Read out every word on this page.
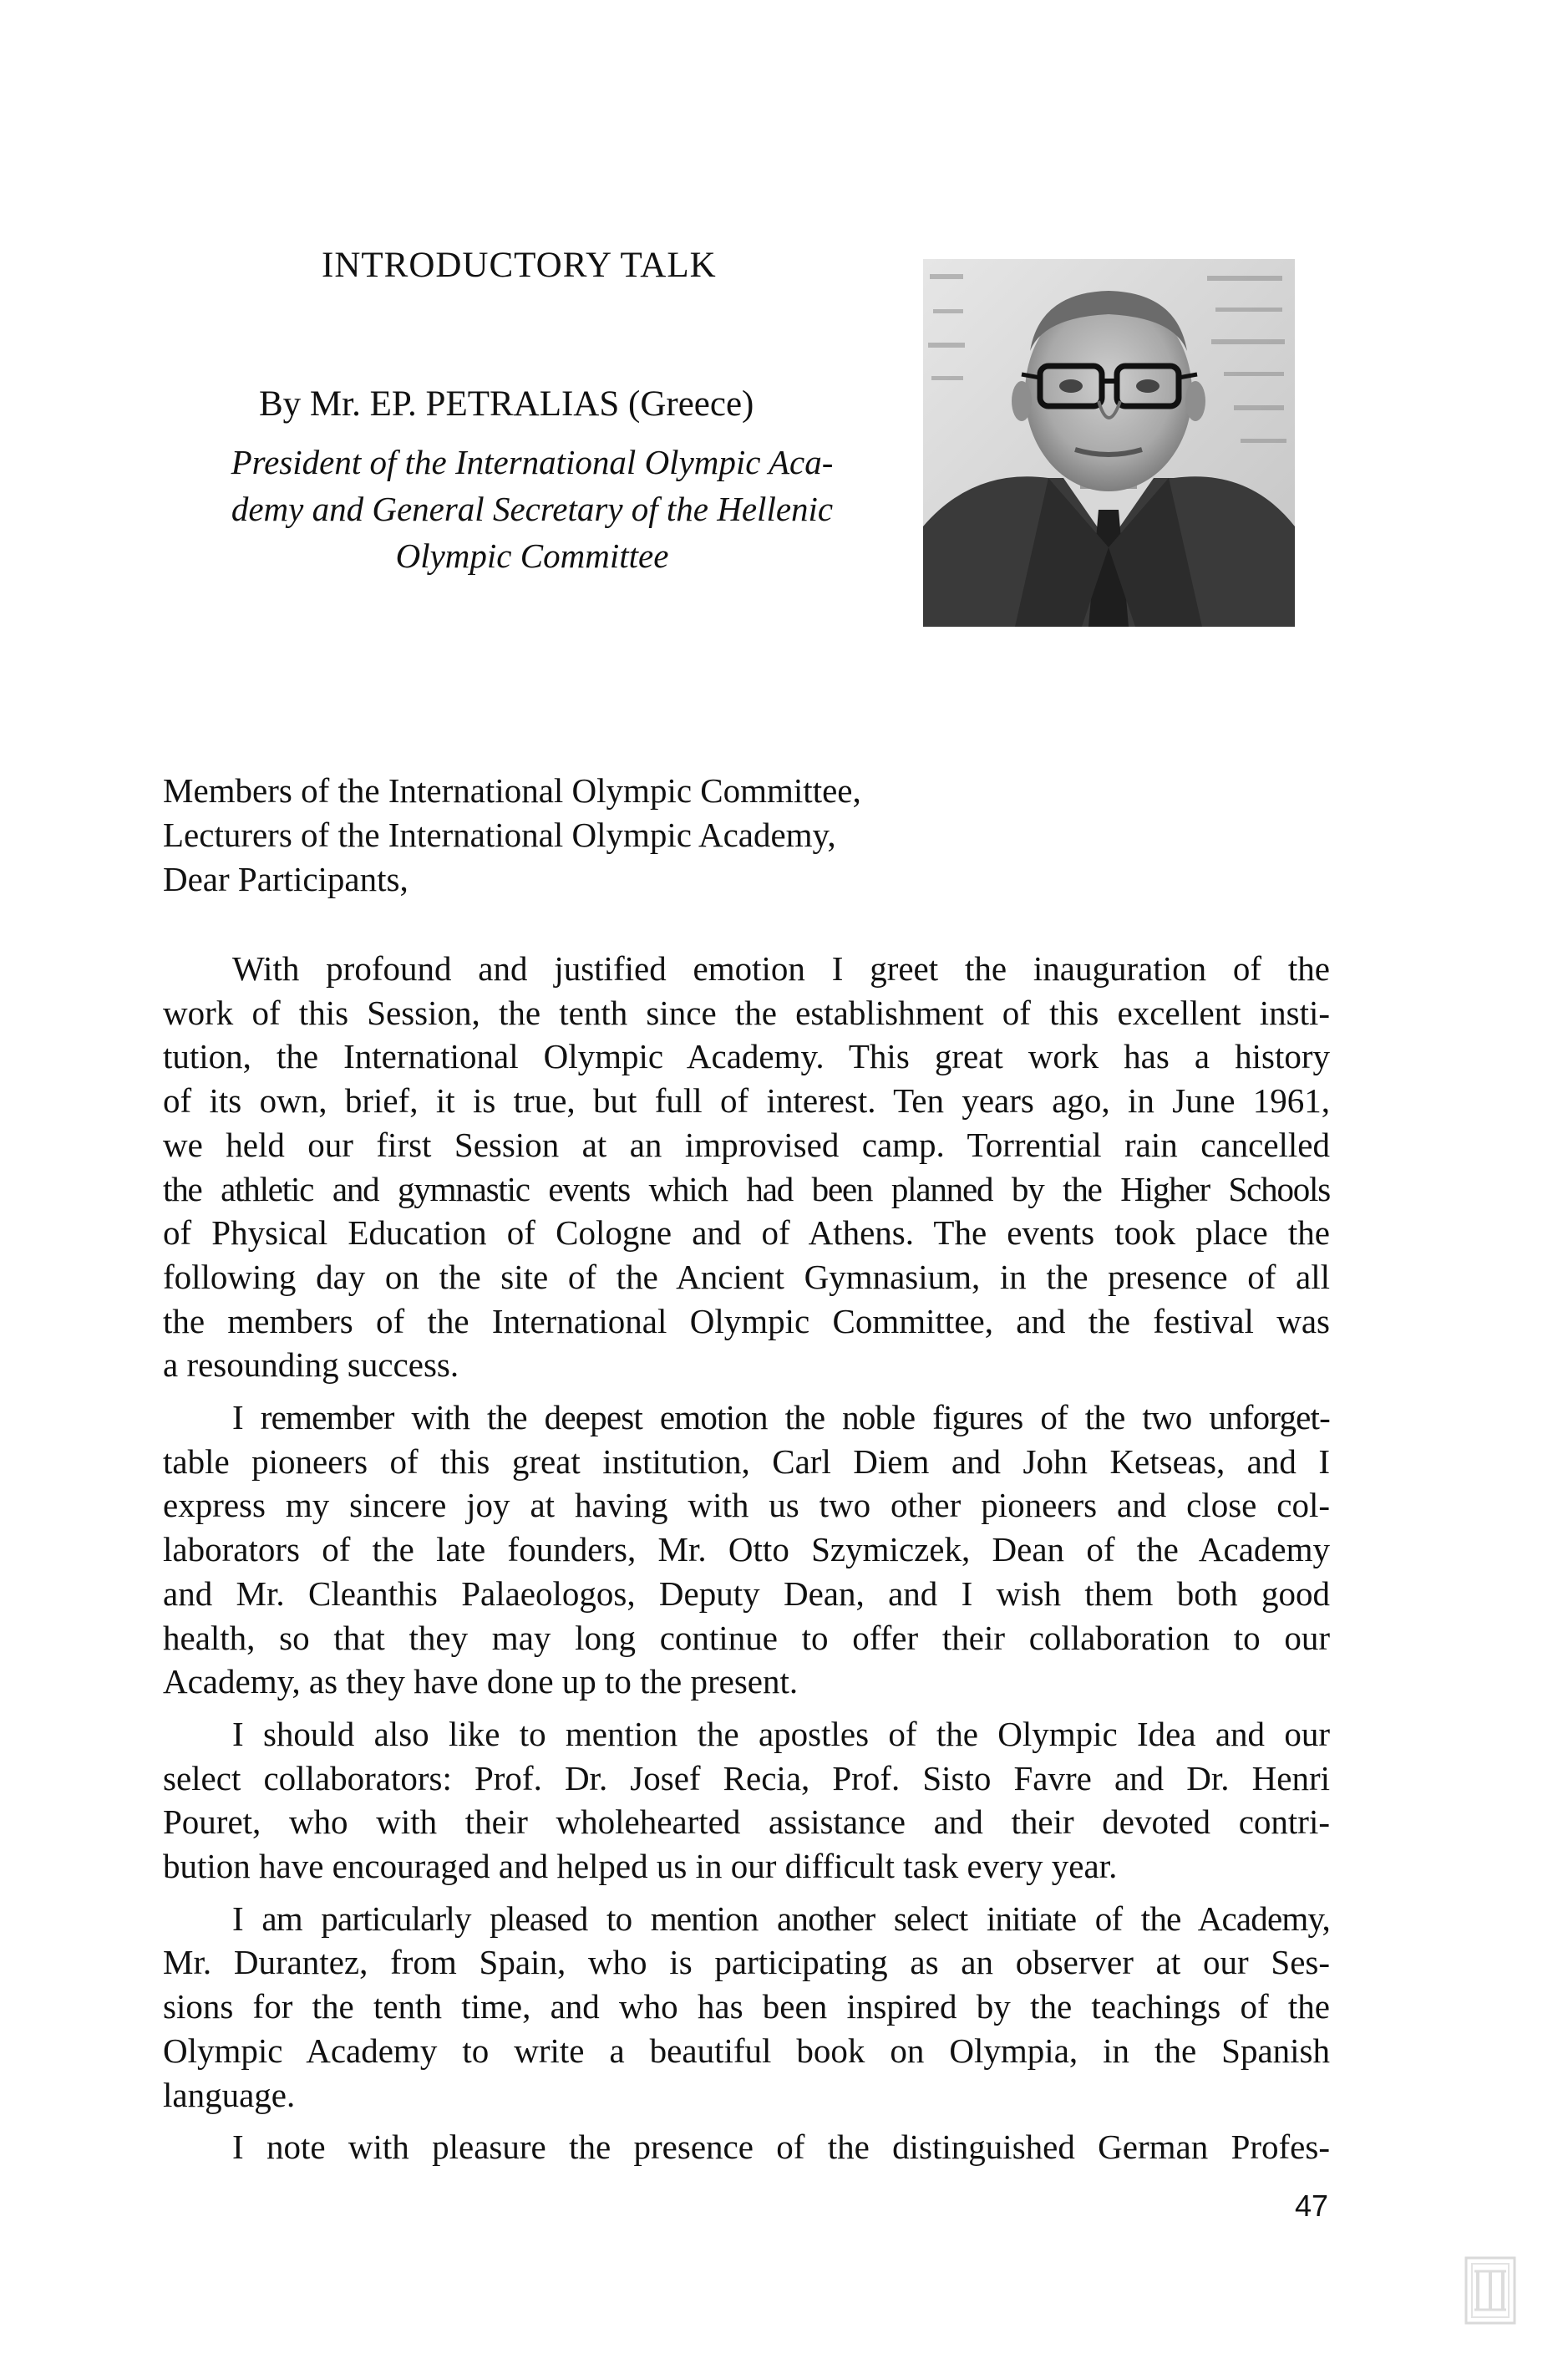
INTRODUCTORY TALK
By Mr. EP. PETRALIAS (Greece)
President of the International Olympic Aca-
demy and General Secretary of the Hellenic
Olympic Committee
Members of the International Olympic Committee,
Lecturers of the International Olympic Academy,
Dear Participants,
With profound and justified emotion I greet the inauguration of the
work of this Session, the tenth since the establishment of this excellent insti-
tution, the International Olympic Academy. This great work has a history
of its own, brief, it is true, but full of interest. Ten years ago, in June 1961,
we held our first Session at an improvised camp. Torrential rain cancelled
the athletic and gymnastic events which had been planned by the Higher Schools
of Physical Education of Cologne and of Athens. The events took place the
following day on the site of the Ancient Gymnasium, in the presence of all
the members of the International Olympic Committee, and the festival was
a resounding success.
I remember with the deepest emotion the noble figures of the two unforget-
table pioneers of this great institution, Carl Diem and John Ketseas, and I
express my sincere joy at having with us two other pioneers and close col-
laborators of the late founders, Mr. Otto Szymiczek, Dean of the Academy
and Mr. Cleanthis Palaeologos, Deputy Dean, and I wish them both good
health, so that they may long continue to offer their collaboration to our
Academy, as they have done up to the present.
I should also like to mention the apostles of the Olympic Idea and our
select collaborators: Prof. Dr. Josef Recia, Prof. Sisto Favre and Dr. Henri
Pouret, who with their wholehearted assistance and their devoted contri-
bution have encouraged and helped us in our difficult task every year.
I am particularly pleased to mention another select initiate of the Academy,
Mr. Durantez, from Spain, who is participating as an observer at our Ses-
sions for the tenth time, and who has been inspired by the teachings of the
Olympic Academy to write a beautiful book on Olympia, in the Spanish
language.
I note with pleasure the presence of the distinguished German Profes-
47
